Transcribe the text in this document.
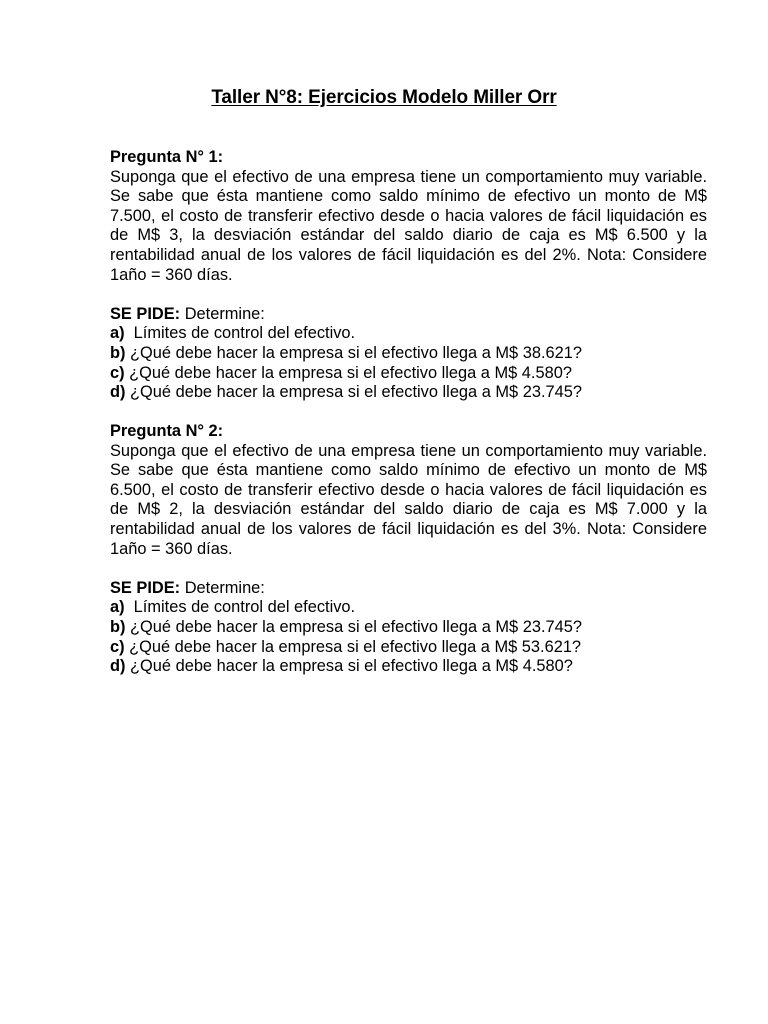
Taller N°8: Ejercicios Modelo Miller Orr

Pregunta N° 1:

Suponga que el efectivo de una empresa tiene un comportamiento muy variable. Se sabe que ésta mantiene como saldo mínimo de efectivo un monto de M$ 7.500, el costo de transferir efectivo desde o hacia valores de fácil liquidación es de M$ 3, la desviación estándar del saldo diario de caja es M$ 6.500 y la rentabilidad anual de los valores de fácil liquidación es del 2%. Nota: Considere 1año = 360 días.

SE PIDE: Determine:

a)  Límites de control del efectivo.

b) ¿Qué debe hacer la empresa si el efectivo llega a M$ 38.621?

c) ¿Qué debe hacer la empresa si el efectivo llega a M$ 4.580?

d) ¿Qué debe hacer la empresa si el efectivo llega a M$ 23.745?

Pregunta N° 2:

Suponga que el efectivo de una empresa tiene un comportamiento muy variable. Se sabe que ésta mantiene como saldo mínimo de efectivo un monto de M$ 6.500, el costo de transferir efectivo desde o hacia valores de fácil liquidación es de M$ 2, la desviación estándar del saldo diario de caja es M$ 7.000 y la rentabilidad anual de los valores de fácil liquidación es del 3%. Nota: Considere 1año = 360 días.

SE PIDE: Determine:

a)  Límites de control del efectivo.

b) ¿Qué debe hacer la empresa si el efectivo llega a M$ 23.745?

c) ¿Qué debe hacer la empresa si el efectivo llega a M$ 53.621?

d) ¿Qué debe hacer la empresa si el efectivo llega a M$ 4.580?
